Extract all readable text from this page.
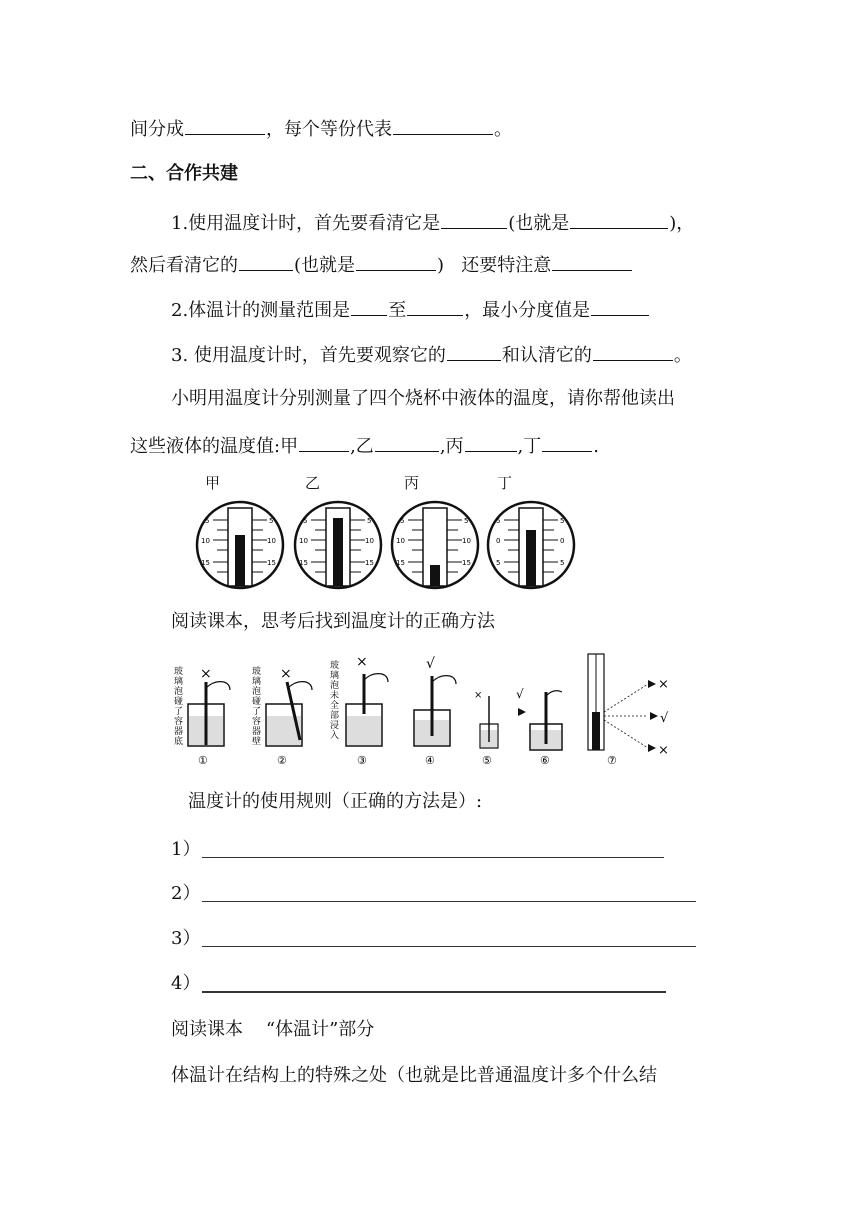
间分成	，每个等份代表	。
二、合作共建
1.使用温度计时，首先要看清它是	(也就是	)，
然后看清它的	(也就是	)   还要特注意
2.体温计的测量范围是 至	，最小分度值是
3. 使用温度计时，首先要观察它的	和认清它的	。
小明用温度计分别测量了四个烧杯中液体的温度，请你帮他读出
这些液体的温度值:甲	,乙	,丙	,丁	.
甲	乙	丙	丁
5
10
15
5
10
15
5
10
15
5
10
15
5
10
15
5
10
15
5
0
5
5
0
5
阅读课本，思考后找到温度计的正确方法
玻璃泡碰了容器底
×
①
玻璃泡碰了容器壁
×
②
玻璃泡未全部浸入
×
③
√
④
×
⑤
√
⑥
×
√
×
⑦
温度计的使用规则（正确的方法是）:
1）
2）
3）
4）
阅读课本    “体温计”部分
体温计在结构上的特殊之处（也就是比普通温度计多个什么结
